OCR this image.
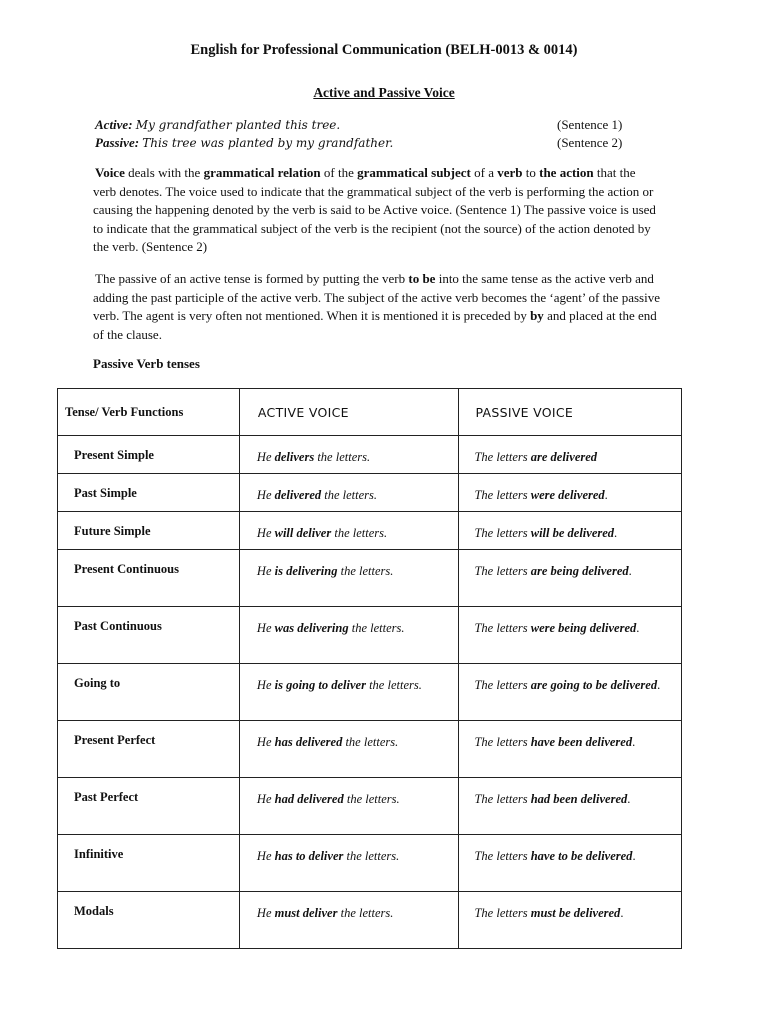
English for Professional Communication (BELH-0013 & 0014)
Active and Passive Voice
Active: My grandfather planted this tree.	(Sentence 1)
Passive: This tree was planted by my grandfather.	(Sentence 2)

Voice deals with the grammatical relation of the grammatical subject of a verb to the action that the verb denotes. The voice used to indicate that the grammatical subject of the verb is performing the action or causing the happening denoted by the verb is said to be Active voice. (Sentence 1) The passive voice is used to indicate that the grammatical subject of the verb is the recipient (not the source) of the action denoted by the verb. (Sentence 2)

The passive of an active tense is formed by putting the verb to be into the same tense as the active verb and adding the past participle of the active verb. The subject of the active verb becomes the ‘agent’ of the passive verb. The agent is very often not mentioned. When it is mentioned it is preceded by by and placed at the end of the clause.

Passive Verb tenses
Tense/ Verb Functions	ACTIVE VOICE	PASSIVE VOICE

Present Simple	He delivers the letters.	The letters are delivered

Past Simple	He delivered the letters.	The letters were delivered.

Future Simple	He will deliver the letters.	The letters will be delivered.

Present Continuous	He is delivering the letters.	The letters are being delivered.

Past Continuous	He was delivering the letters.	The letters were being delivered.

Going to	He is going to deliver the letters.	The letters are going to be delivered.

Present Perfect	He has delivered the letters.	The letters have been delivered.

Past Perfect	He had delivered the letters.	The letters had been delivered.

Infinitive	He has to deliver the letters.	The letters have to be delivered.

Modals	He must deliver the letters.	The letters must be delivered.
